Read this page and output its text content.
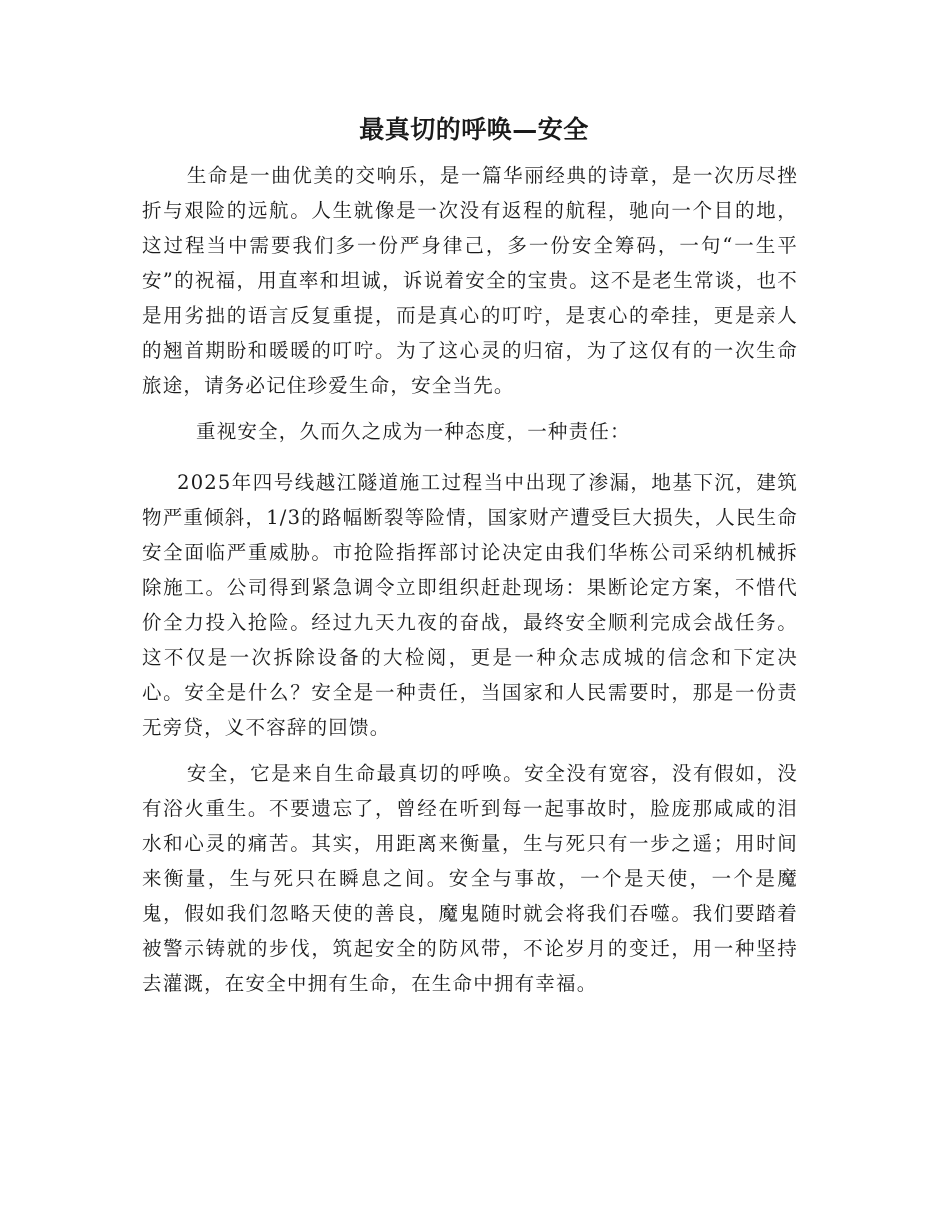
最真切的呼唤—安全

生命是一曲优美的交响乐，是一篇华丽经典的诗章，是一次历尽挫折与艰险的远航。人生就像是一次没有返程的航程，驰向一个目的地，这过程当中需要我们多一份严身律己，多一份安全筹码，一句“一生平安”的祝福，用直率和坦诚，诉说着安全的宝贵。这不是老生常谈，也不是用劣拙的语言反复重提，而是真心的叮咛，是衷心的牵挂，更是亲人的翘首期盼和暖暖的叮咛。为了这心灵的归宿，为了这仅有的一次生命旅途，请务必记住珍爱生命，安全当先。

重视安全，久而久之成为一种态度，一种责任：

2025年四号线越江隧道施工过程当中出现了渗漏，地基下沉，建筑物严重倾斜，1/3的路幅断裂等险情，国家财产遭受巨大损失，人民生命安全面临严重威胁。市抢险指挥部讨论决定由我们华栋公司采纳机械拆除施工。公司得到紧急调令立即组织赶赴现场：果断论定方案，不惜代价全力投入抢险。经过九天九夜的奋战，最终安全顺利完成会战任务。这不仅是一次拆除设备的大检阅，更是一种众志成城的信念和下定决心。安全是什么？安全是一种责任，当国家和人民需要时，那是一份责无旁贷，义不容辞的回馈。

安全，它是来自生命最真切的呼唤。安全没有宽容，没有假如，没有浴火重生。不要遗忘了，曾经在听到每一起事故时，脸庞那咸咸的泪水和心灵的痛苦。其实，用距离来衡量，生与死只有一步之遥；用时间来衡量，生与死只在瞬息之间。安全与事故，一个是天使，一个是魔鬼，假如我们忽略天使的善良，魔鬼随时就会将我们吞噬。我们要踏着被警示铸就的步伐，筑起安全的防风带，不论岁月的变迁，用一种坚持去灌溉，在安全中拥有生命，在生命中拥有幸福。
